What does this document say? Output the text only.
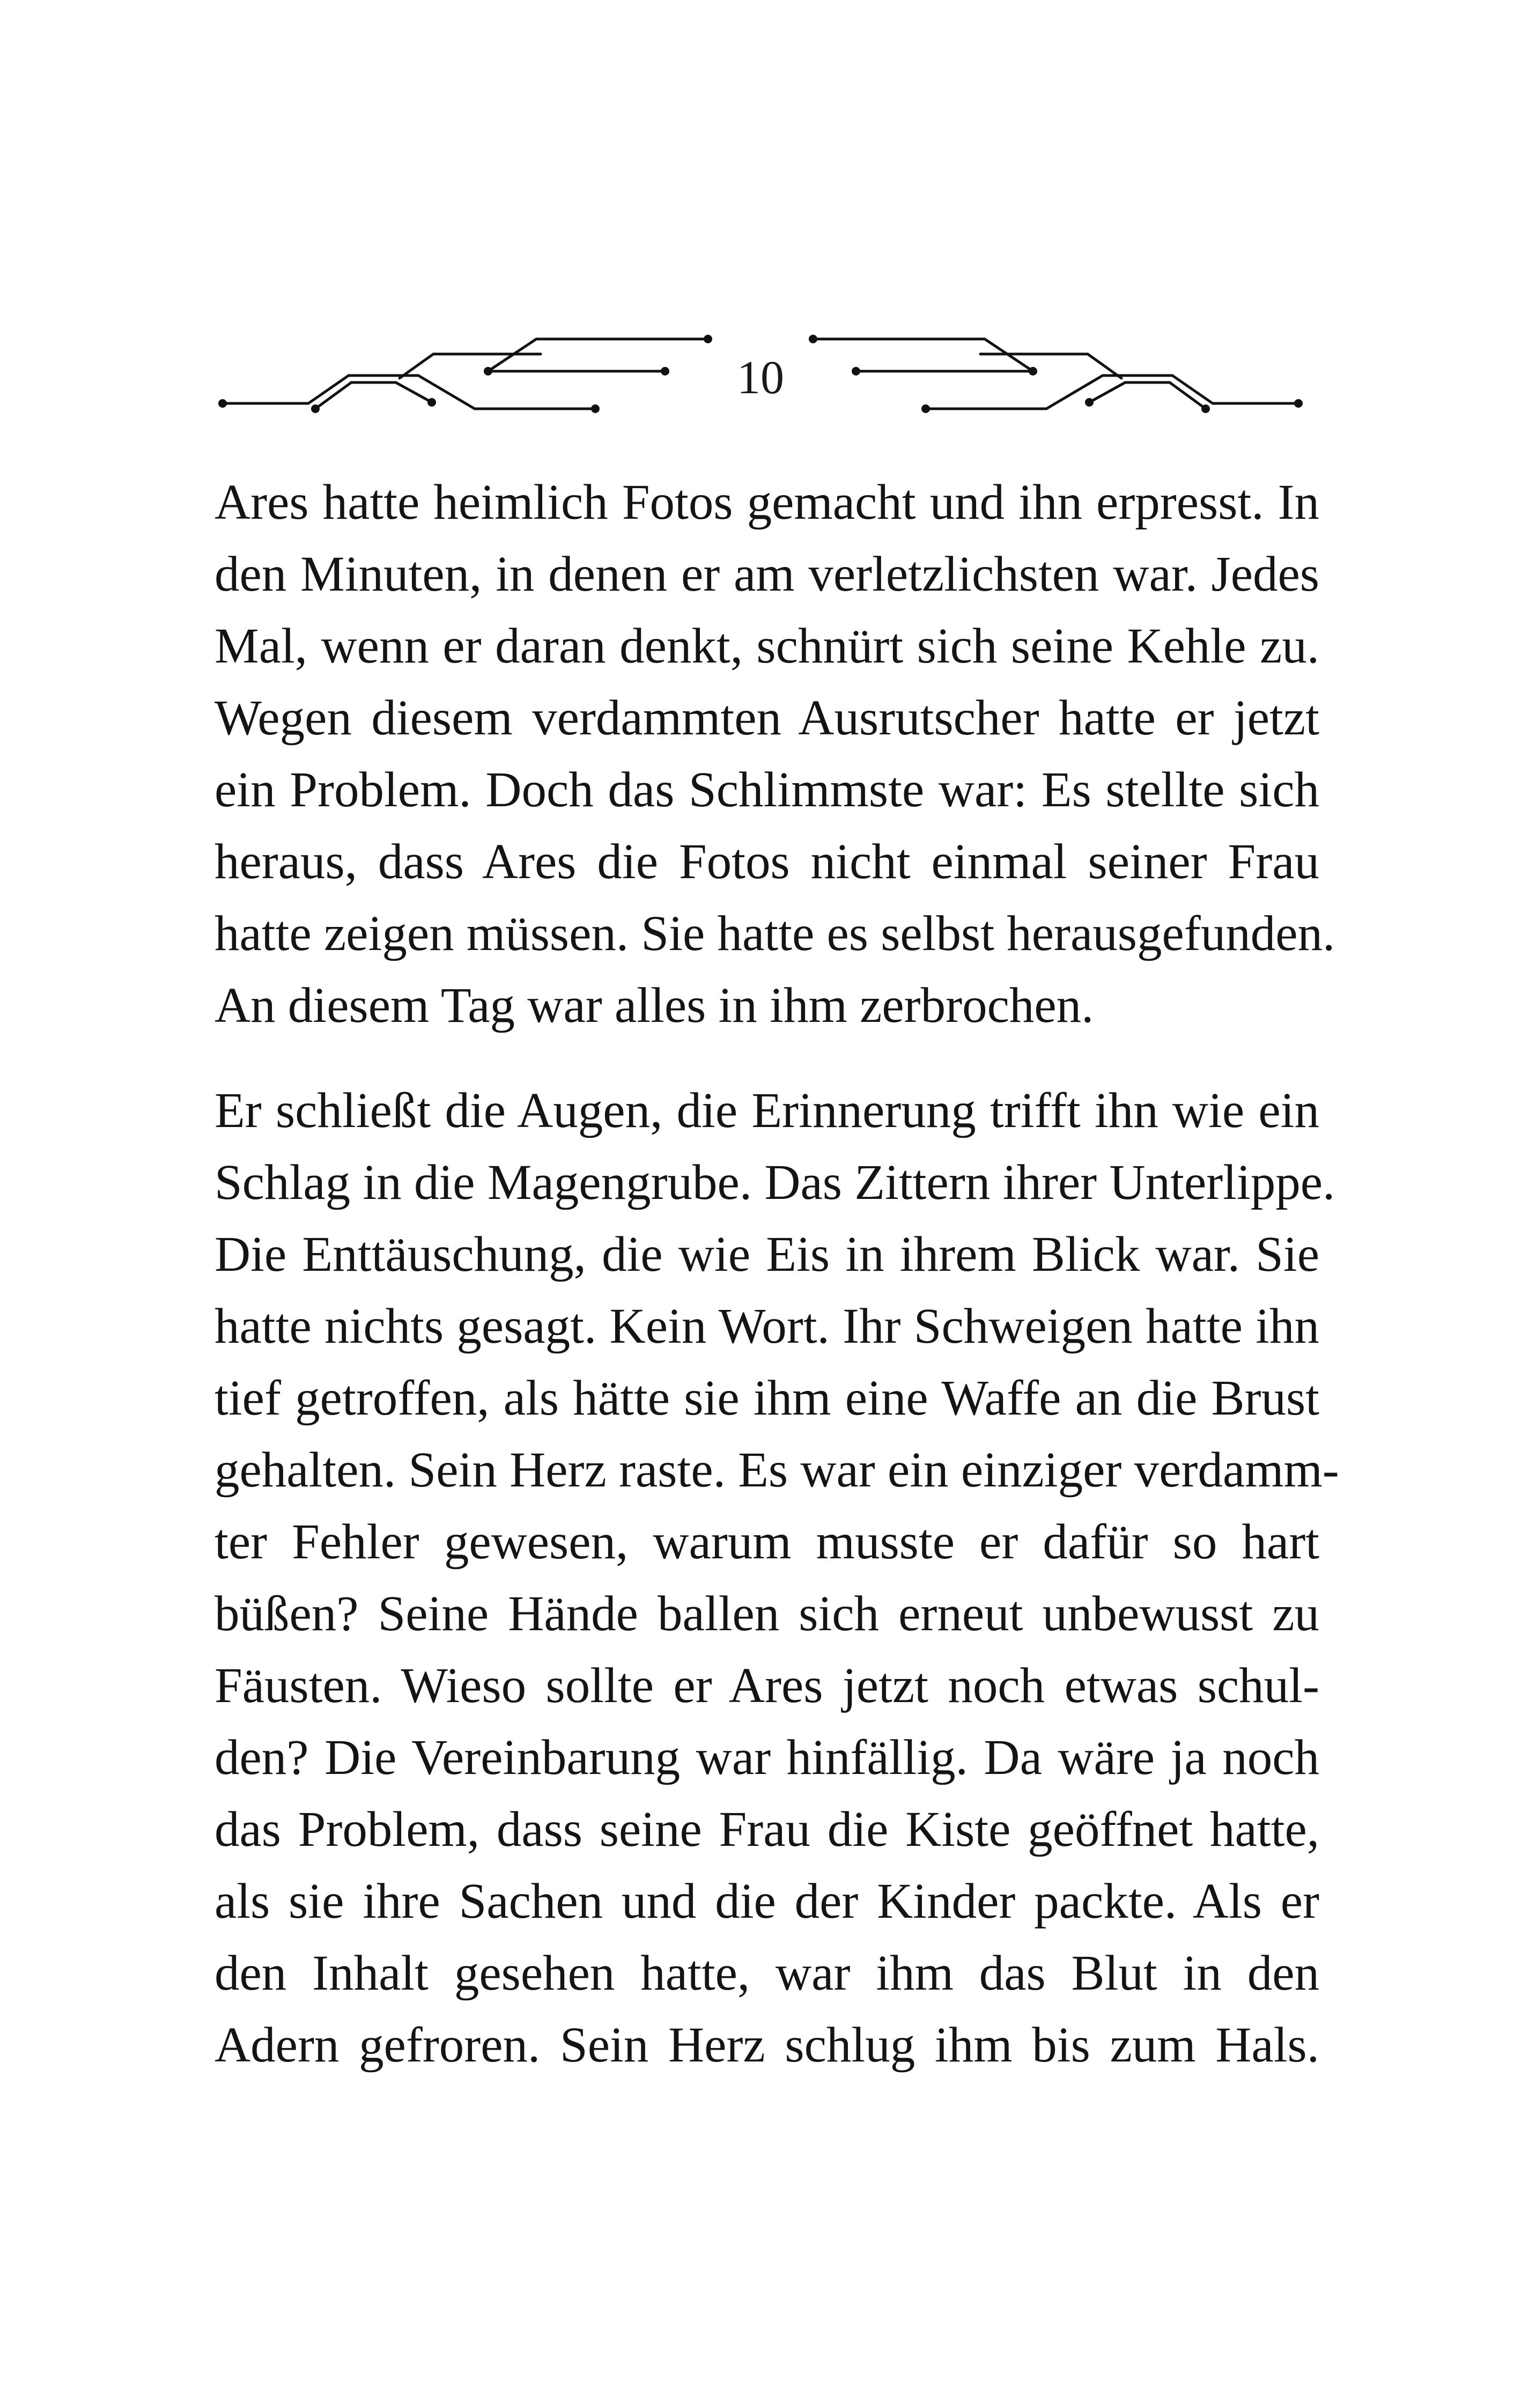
10
Ares hatte heimlich Fotos gemacht und ihn erpresst. In
den Minuten, in denen er am verletzlichsten war. Jedes
Mal, wenn er daran denkt, schnürt sich seine Kehle zu.
Wegen diesem verdammten Ausrutscher hatte er jetzt
ein Problem. Doch das Schlimmste war: Es stellte sich
heraus, dass Ares die Fotos nicht einmal seiner Frau
hatte zeigen müssen. Sie hatte es selbst herausgefunden.
An diesem Tag war alles in ihm zerbrochen.
Er schließt die Augen, die Erinnerung trifft ihn wie ein
Schlag in die Magengrube. Das Zittern ihrer Unterlippe.
Die Enttäuschung, die wie Eis in ihrem Blick war. Sie
hatte nichts gesagt. Kein Wort. Ihr Schweigen hatte ihn
tief getroffen, als hätte sie ihm eine Waffe an die Brust
gehalten. Sein Herz raste. Es war ein einziger verdamm-
ter Fehler gewesen, warum musste er dafür so hart
büßen? Seine Hände ballen sich erneut unbewusst zu
Fäusten. Wieso sollte er Ares jetzt noch etwas schul-
den? Die Vereinbarung war hinfällig. Da wäre ja noch
das Problem, dass seine Frau die Kiste geöffnet hatte,
als sie ihre Sachen und die der Kinder packte. Als er
den Inhalt gesehen hatte, war ihm das Blut in den
Adern gefroren. Sein Herz schlug ihm bis zum Hals.
